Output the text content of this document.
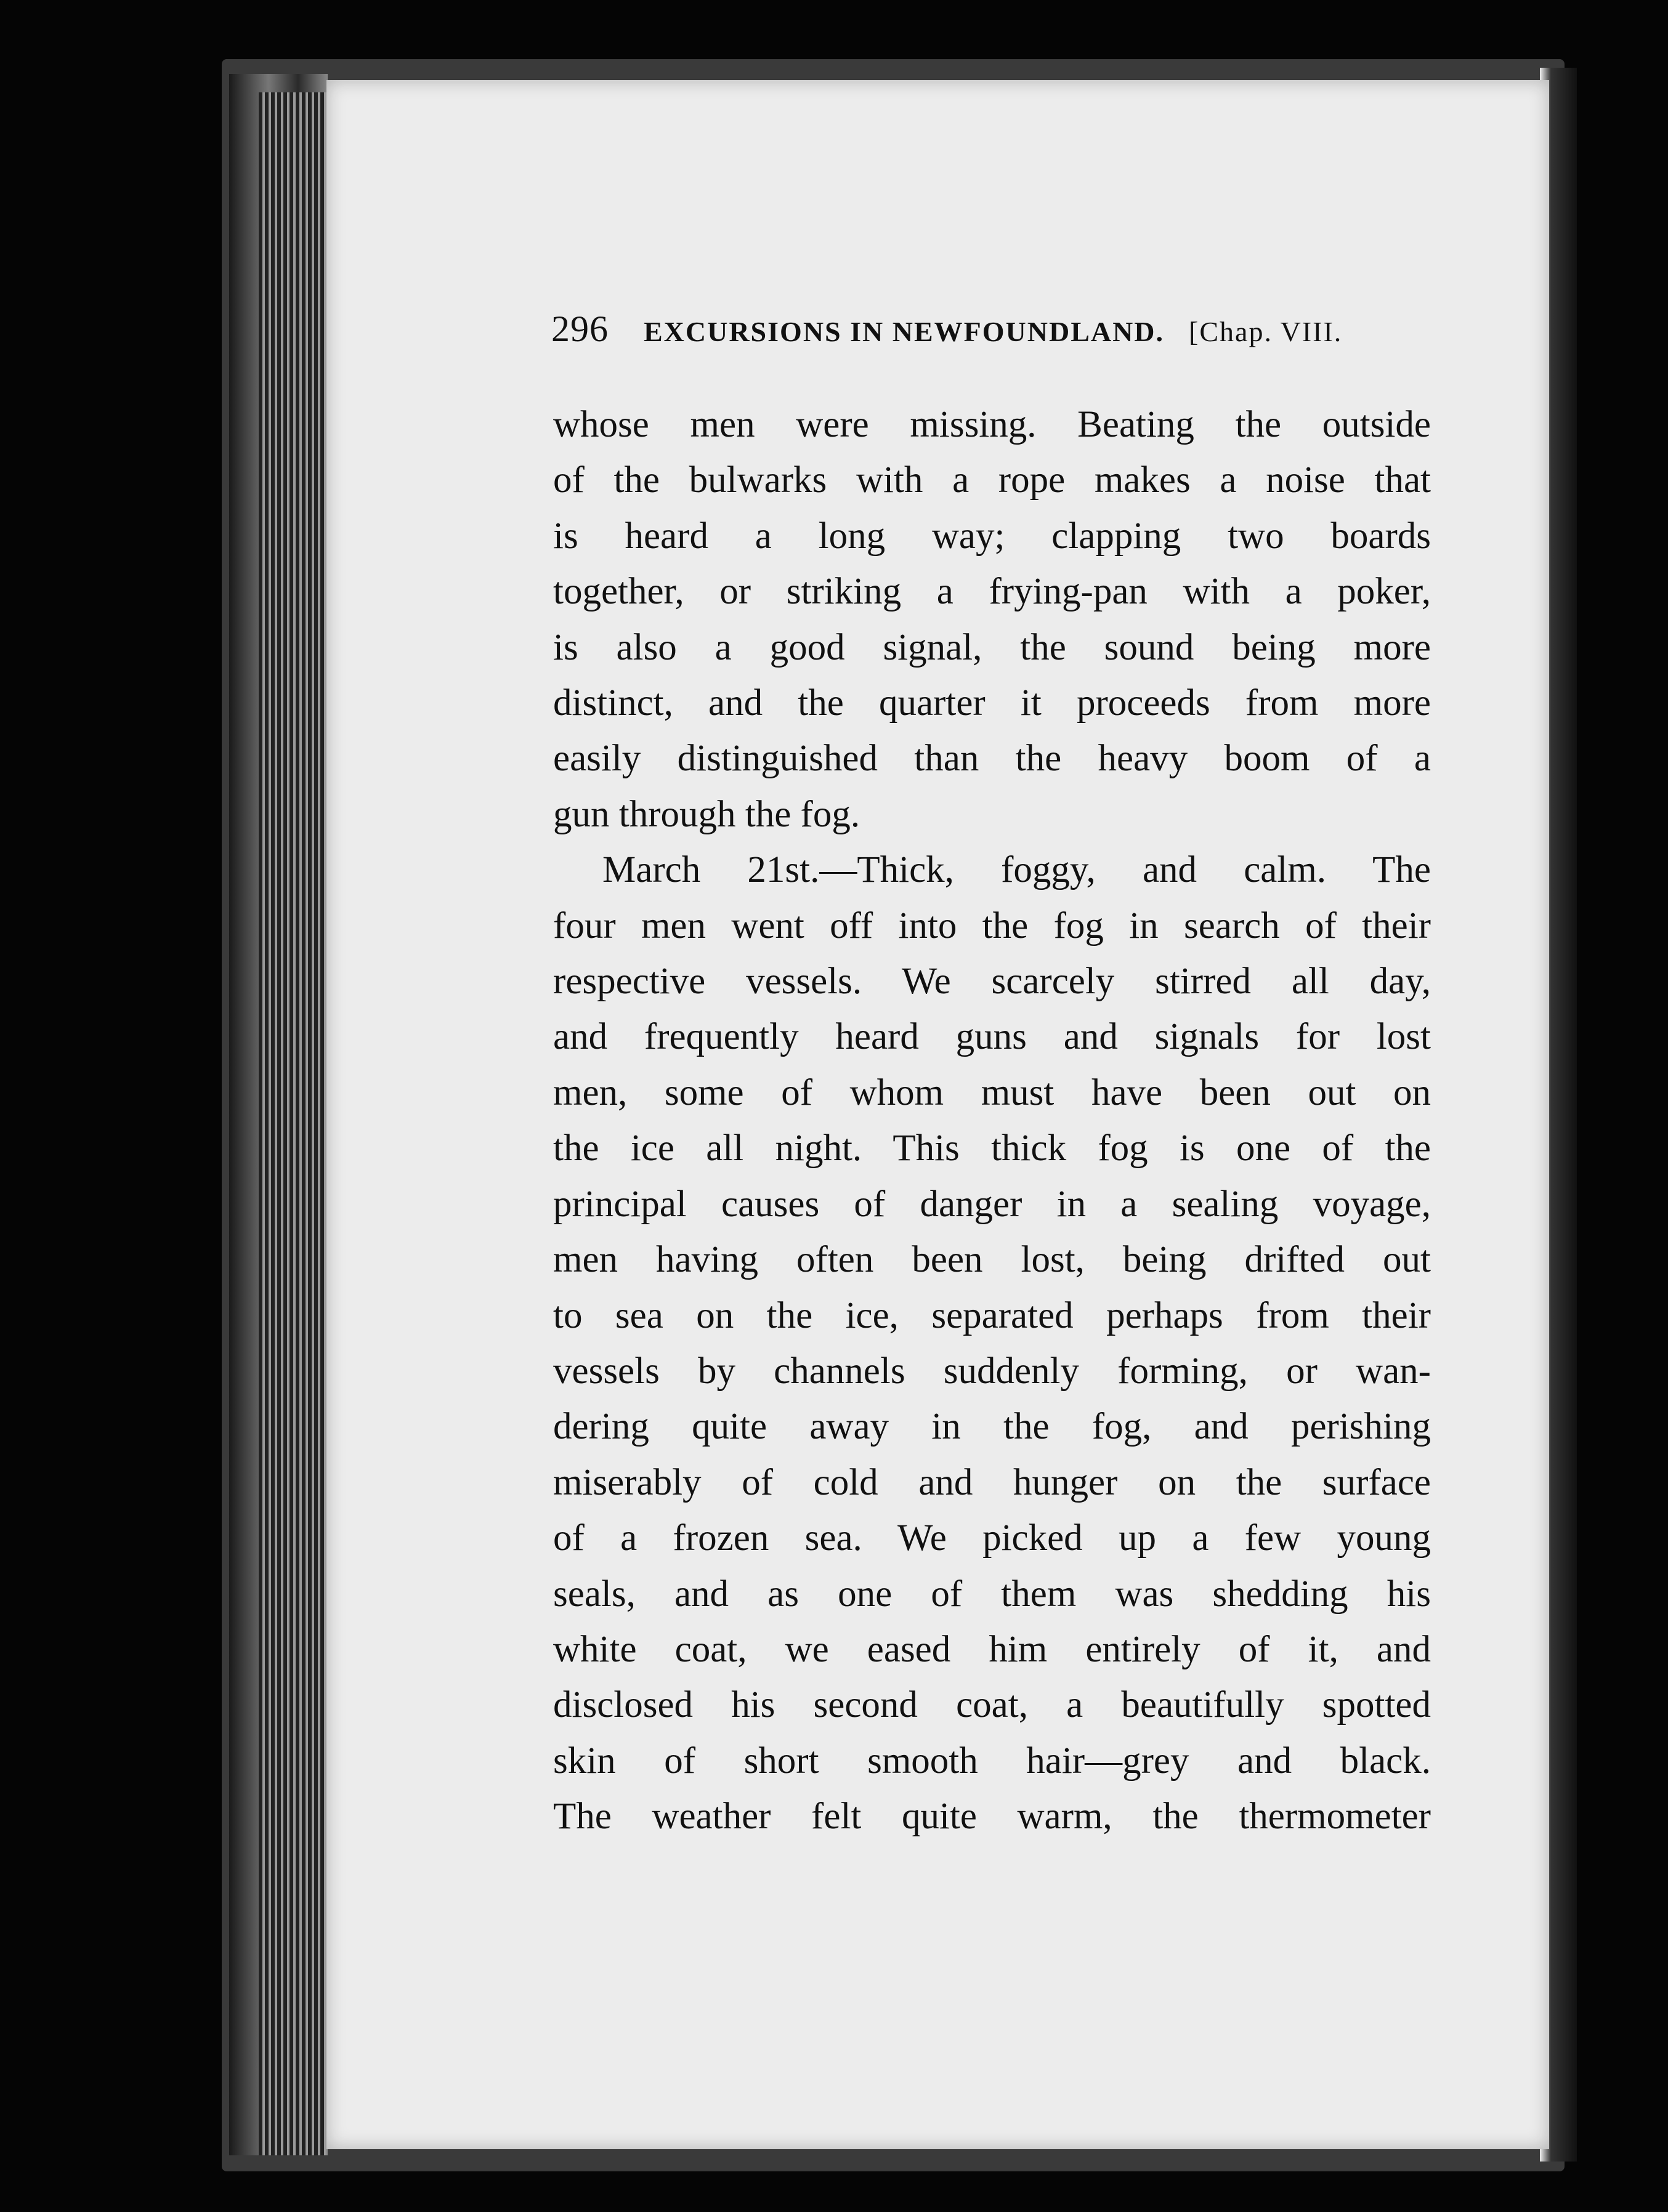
296	EXCURSIONS IN NEWFOUNDLAND. [Chap. VIII.
whose men were missing. Beating the outside
of the bulwarks with a rope makes a noise that
is heard a long way; clapping two boards
together, or striking a frying-pan with a poker,
is also a good signal, the sound being more
distinct, and the quarter it proceeds from more
easily distinguished than the heavy boom of a
gun through the fog.
March 21st.—Thick, foggy, and calm. The
four men went off into the fog in search of their
respective vessels. We scarcely stirred all day,
and frequently heard guns and signals for lost
men, some of whom must have been out on
the ice all night. This thick fog is one of the
principal causes of danger in a sealing voyage,
men having often been lost, being drifted out
to sea on the ice, separated perhaps from their
vessels by channels suddenly forming, or wan-
dering quite away in the fog, and perishing
miserably of cold and hunger on the surface
of a frozen sea. We picked up a few young
seals, and as one of them was shedding his
white coat, we eased him entirely of it, and
disclosed his second coat, a beautifully spotted
skin of short smooth hair—grey and black.
The weather felt quite warm, the thermometer
